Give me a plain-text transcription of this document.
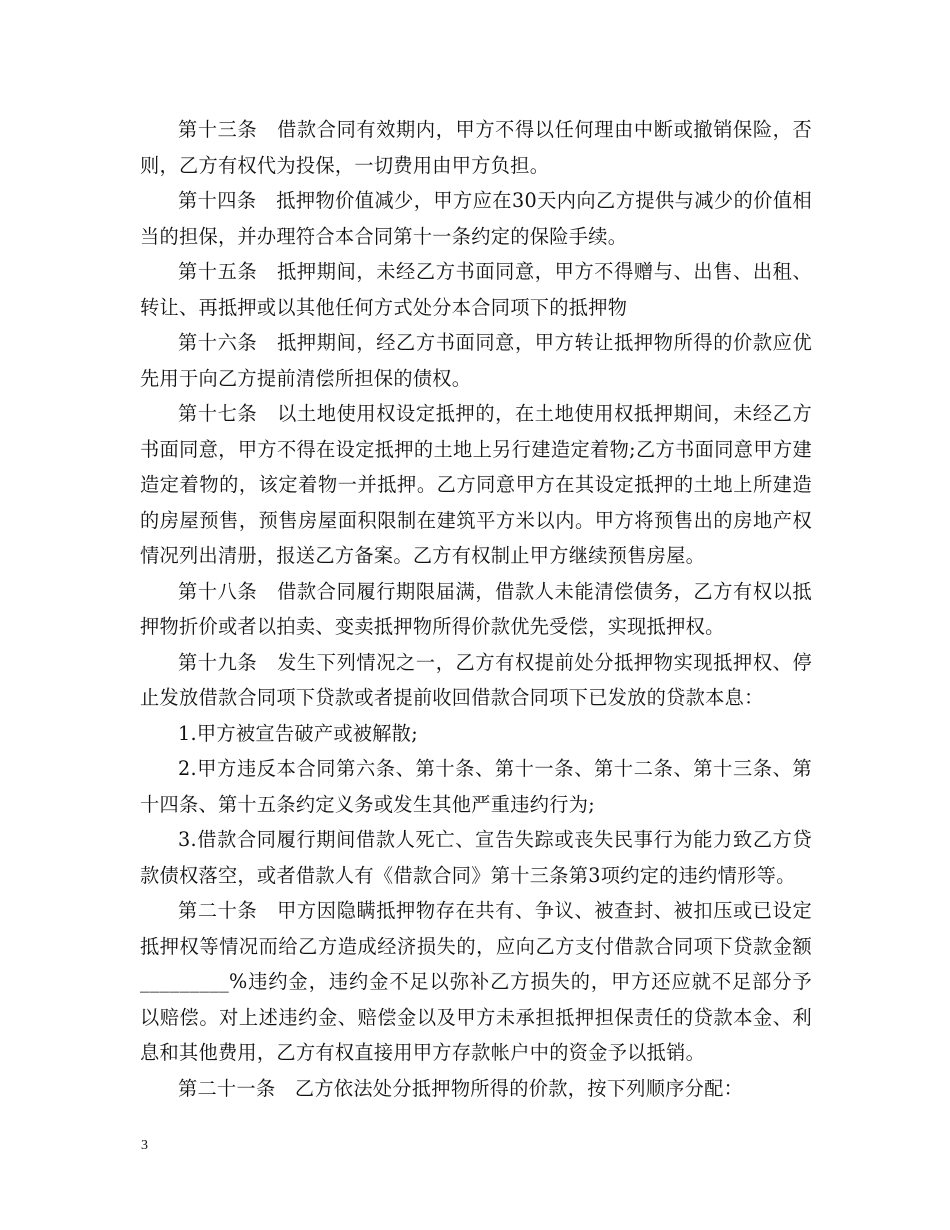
第十三条　借款合同有效期内，甲方不得以任何理由中断或撤销保险，否则，乙方有权代为投保，一切费用由甲方负担。

第十四条　抵押物价值减少，甲方应在30天内向乙方提供与减少的价值相当的担保，并办理符合本合同第十一条约定的保险手续。

第十五条　抵押期间，未经乙方书面同意，甲方不得赠与、出售、出租、转让、再抵押或以其他任何方式处分本合同项下的抵押物

第十六条　抵押期间，经乙方书面同意，甲方转让抵押物所得的价款应优先用于向乙方提前清偿所担保的债权。

第十七条　以土地使用权设定抵押的，在土地使用权抵押期间，未经乙方书面同意，甲方不得在设定抵押的土地上另行建造定着物;乙方书面同意甲方建造定着物的，该定着物一并抵押。乙方同意甲方在其设定抵押的土地上所建造的房屋预售，预售房屋面积限制在建筑平方米以内。甲方将预售出的房地产权情况列出清册，报送乙方备案。乙方有权制止甲方继续预售房屋。

第十八条　借款合同履行期限届满，借款人未能清偿债务，乙方有权以抵押物折价或者以拍卖、变卖抵押物所得价款优先受偿，实现抵押权。

第十九条　发生下列情况之一，乙方有权提前处分抵押物实现抵押权、停止发放借款合同项下贷款或者提前收回借款合同项下已发放的贷款本息：

1.甲方被宣告破产或被解散;

2.甲方违反本合同第六条、第十条、第十一条、第十二条、第十三条、第十四条、第十五条约定义务或发生其他严重违约行为;

3.借款合同履行期间借款人死亡、宣告失踪或丧失民事行为能力致乙方贷款债权落空，或者借款人有《借款合同》第十三条第3项约定的违约情形等。

第二十条　甲方因隐瞒抵押物存在共有、争议、被查封、被扣压或已设定抵押权等情况而给乙方造成经济损失的，应向乙方支付借款合同项下贷款金额_________%违约金，违约金不足以弥补乙方损失的，甲方还应就不足部分予以赔偿。对上述违约金、赔偿金以及甲方未承担抵押担保责任的贷款本金、利息和其他费用，乙方有权直接用甲方存款帐户中的资金予以抵销。

第二十一条　乙方依法处分抵押物所得的价款，按下列顺序分配：

3
